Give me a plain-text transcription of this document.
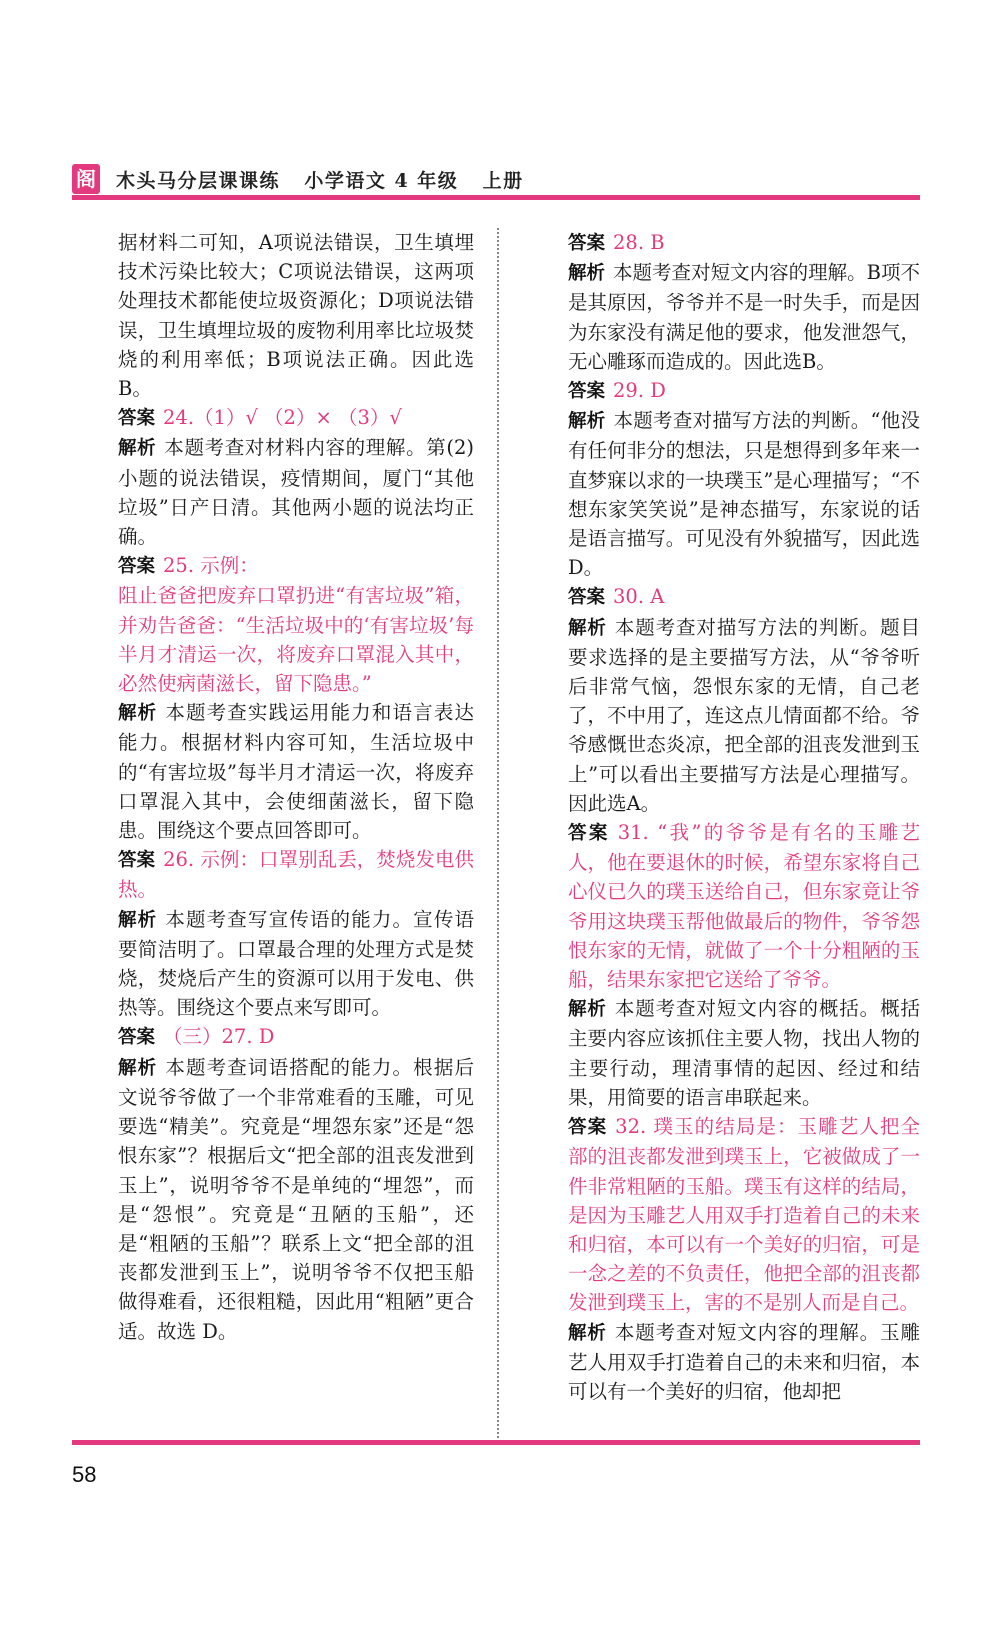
阁 木头马分层课课练   小学语文 4 年级   上册

据材料二可知，A项说法错误，卫生填埋技术污染比较大；C项说法错误，这两项处理技术都能使垃圾资源化；D项说法错误，卫生填埋垃圾的废物利用率比垃圾焚烧的利用率低；B项说法正确。因此选B。

答案 24.（1）√ （2）× （3）√

解析 本题考查对材料内容的理解。第(2)小题的说法错误，疫情期间，厦门“其他垃圾”日产日清。其他两小题的说法均正确。

答案 25. 示例：

阻止爸爸把废弃口罩扔进“有害垃圾”箱，并劝告爸爸：“生活垃圾中的‘有害垃圾’每半月才清运一次，将废弃口罩混入其中，必然使病菌滋长，留下隐患。”

解析 本题考查实践运用能力和语言表达能力。根据材料内容可知，生活垃圾中的“有害垃圾”每半月才清运一次，将废弃口罩混入其中，会使细菌滋长，留下隐患。围绕这个要点回答即可。

答案 26. 示例：口罩别乱丢，焚烧发电供热。

解析 本题考查写宣传语的能力。宣传语要简洁明了。口罩最合理的处理方式是焚烧，焚烧后产生的资源可以用于发电、供热等。围绕这个要点来写即可。

答案 （三）27. D

解析 本题考查词语搭配的能力。根据后文说爷爷做了一个非常难看的玉雕，可见要选“精美”。究竟是“埋怨东家”还是“怨恨东家”？根据后文“把全部的沮丧发泄到玉上”，说明爷爷不是单纯的“埋怨”，而是“怨恨”。究竟是“丑陋的玉船”，还是“粗陋的玉船”？联系上文“把全部的沮丧都发泄到玉上”，说明爷爷不仅把玉船做得难看，还很粗糙，因此用“粗陋”更合适。故选 D。

答案 28. B

解析 本题考查对短文内容的理解。B项不是其原因，爷爷并不是一时失手，而是因为东家没有满足他的要求，他发泄怨气，无心雕琢而造成的。因此选B。

答案 29. D

解析 本题考查对描写方法的判断。“他没有任何非分的想法，只是想得到多年来一直梦寐以求的一块璞玉”是心理描写；“不想东家笑笑说”是神态描写，东家说的话是语言描写。可见没有外貌描写，因此选D。

答案 30. A

解析 本题考查对描写方法的判断。题目要求选择的是主要描写方法，从“爷爷听后非常气恼，怨恨东家的无情，自己老了，不中用了，连这点儿情面都不给。爷爷感慨世态炎凉，把全部的沮丧发泄到玉上”可以看出主要描写方法是心理描写。因此选A。

答案 31. “我”的爷爷是有名的玉雕艺人，他在要退休的时候，希望东家将自己心仪已久的璞玉送给自己，但东家竟让爷爷用这块璞玉帮他做最后的物件，爷爷怨恨东家的无情，就做了一个十分粗陋的玉船，结果东家把它送给了爷爷。

解析 本题考查对短文内容的概括。概括主要内容应该抓住主要人物，找出人物的主要行动，理清事情的起因、经过和结果，用简要的语言串联起来。

答案 32. 璞玉的结局是：玉雕艺人把全部的沮丧都发泄到璞玉上，它被做成了一件非常粗陋的玉船。璞玉有这样的结局，是因为玉雕艺人用双手打造着自己的未来和归宿，本可以有一个美好的归宿，可是一念之差的不负责任，他把全部的沮丧都发泄到璞玉上，害的不是别人而是自己。

解析 本题考查对短文内容的理解。玉雕艺人用双手打造着自己的未来和归宿，本可以有一个美好的归宿，他却把

58
